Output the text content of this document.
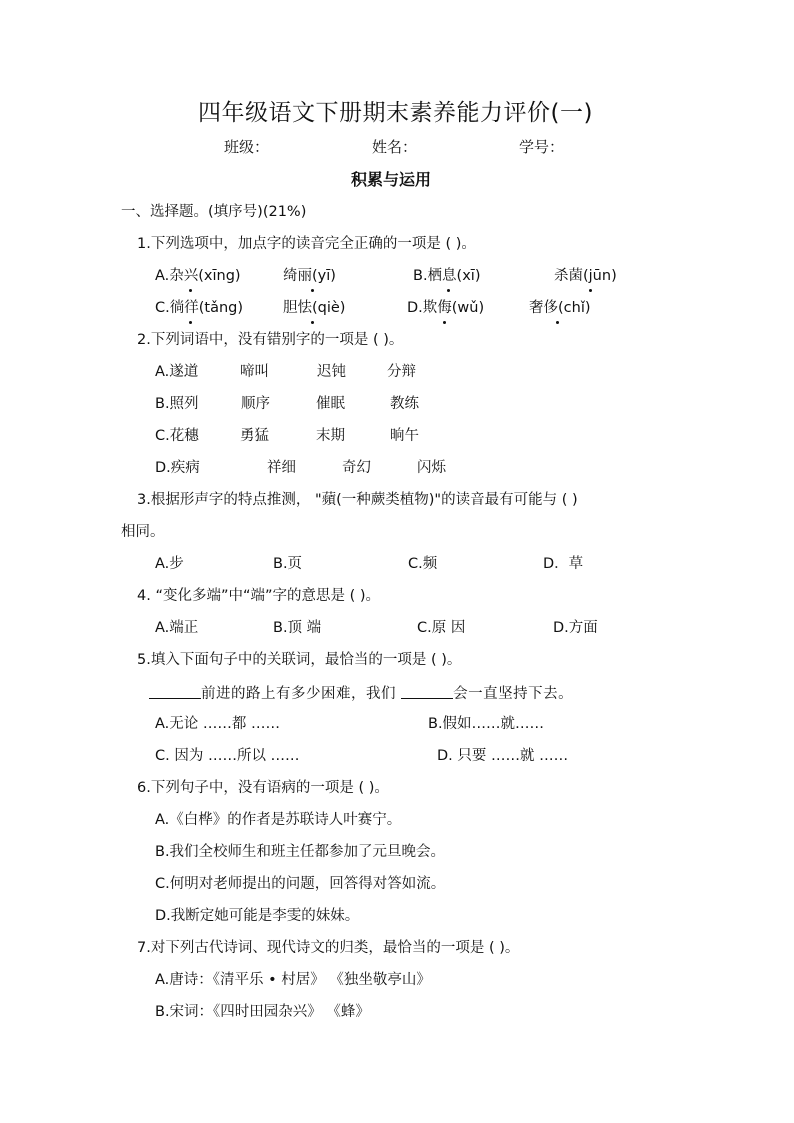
四年级语文下册期末素养能力评价(一)
班级：	姓名：	学号：
积累与运用
一、选择题。(填序号)(21%)
1.下列选项中，加点字的读音完全正确的一项是 ( )。
A.杂兴(xīng)	绮丽(yī)	B.栖息(xī)	杀菌(jūn)
C.徜徉(tǎng)	胆怯(qiè)	D.欺侮(wǔ)	奢侈(chǐ)
2.下列词语中，没有错别字的一项是 ( )。
A.遂道	啼叫	迟钝	分辩
B.照列	顺序	催眠	教练
C.花穗	勇猛	末期	晌午
D.疾病	祥细	奇幻	闪烁
3.根据形声字的特点推测， "蘋(一种蕨类植物)"的读音最有可能与 ( )
相同。
A.步	B.页	C.频	D．草
4. “变化多端”中“端”字的意思是 ( )。
A.端正	B.顶 端	C.原 因	D.方面
5.填入下面句子中的关联词，最恰当的一项是 ( )。
前进的路上有多少困难，我们	会一直坚持下去。
A.无论 ……都 ……	B.假如……就……
C. 因为 ……所以 ……	D. 只要 ……就 ……
6.下列句子中，没有语病的一项是 ( )。
A.《白桦》的作者是苏联诗人叶赛宁。
B.我们全校师生和班主任都参加了元旦晚会。
C.何明对老师提出的问题，回答得对答如流。
D.我断定她可能是李雯的妹妹。
7.对下列古代诗词、现代诗文的归类，最恰当的一项是 ( )。
A.唐诗：《清平乐 • 村居》 《独坐敬亭山》
B.宋词：《四时田园杂兴》 《蜂》
